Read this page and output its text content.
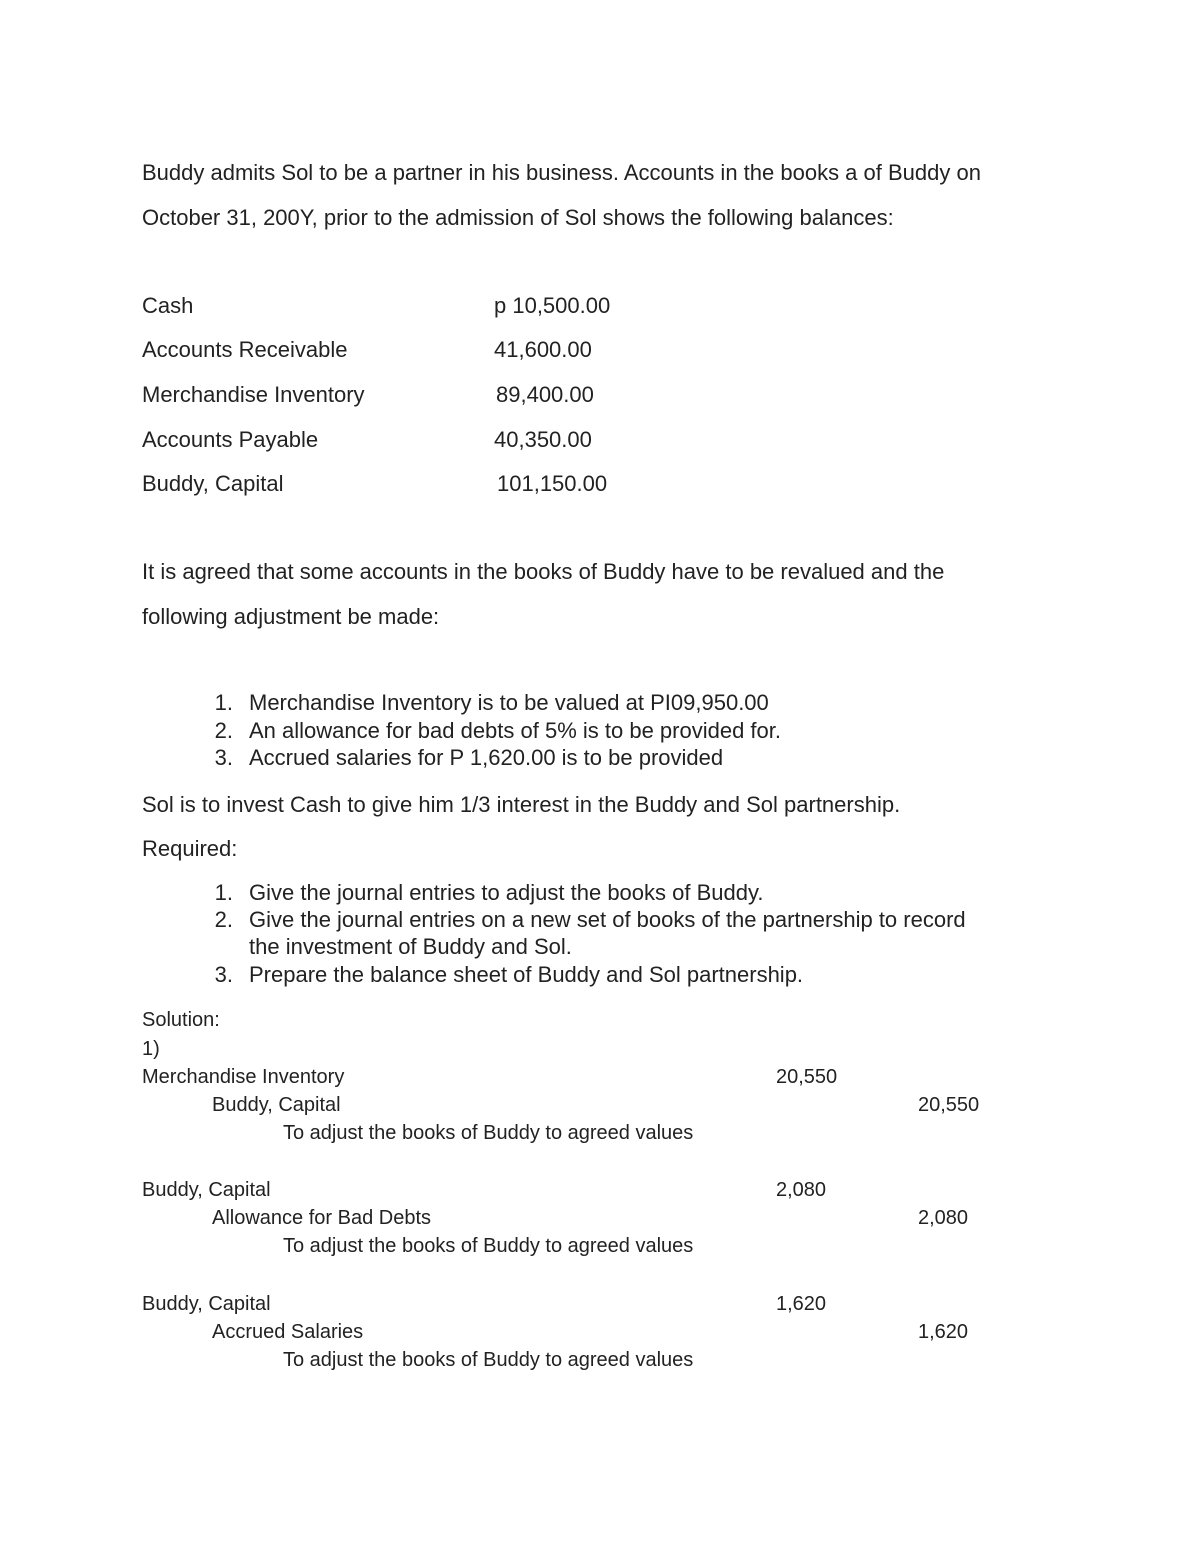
Buddy admits Sol to be a partner in his business. Accounts in the books a of Buddy on
October 31, 200Y, prior to the admission of Sol shows the following balances:
Cash	p 10,500.00
Accounts Receivable	41,600.00
Merchandise Inventory	89,400.00
Accounts Payable	40,350.00
Buddy, Capital	101,150.00
It is agreed that some accounts in the books of Buddy have to be revalued and the
following adjustment be made:
1. Merchandise Inventory is to be valued at PI09,950.00
2. An allowance for bad debts of 5% is to be provided for.
3. Accrued salaries for P 1,620.00 is to be provided
Sol is to invest Cash to give him 1/3 interest in the Buddy and Sol partnership.
Required:
1. Give the journal entries to adjust the books of Buddy.
2. Give the journal entries on a new set of books of the partnership to record
the investment of Buddy and Sol.
3. Prepare the balance sheet of Buddy and Sol partnership.
Solution:
1)
Merchandise Inventory	20,550
Buddy, Capital	20,550
To adjust the books of Buddy to agreed values
Buddy, Capital	2,080
Allowance for Bad Debts	2,080
To adjust the books of Buddy to agreed values
Buddy, Capital	1,620
Accrued Salaries	1,620
To adjust the books of Buddy to agreed values
